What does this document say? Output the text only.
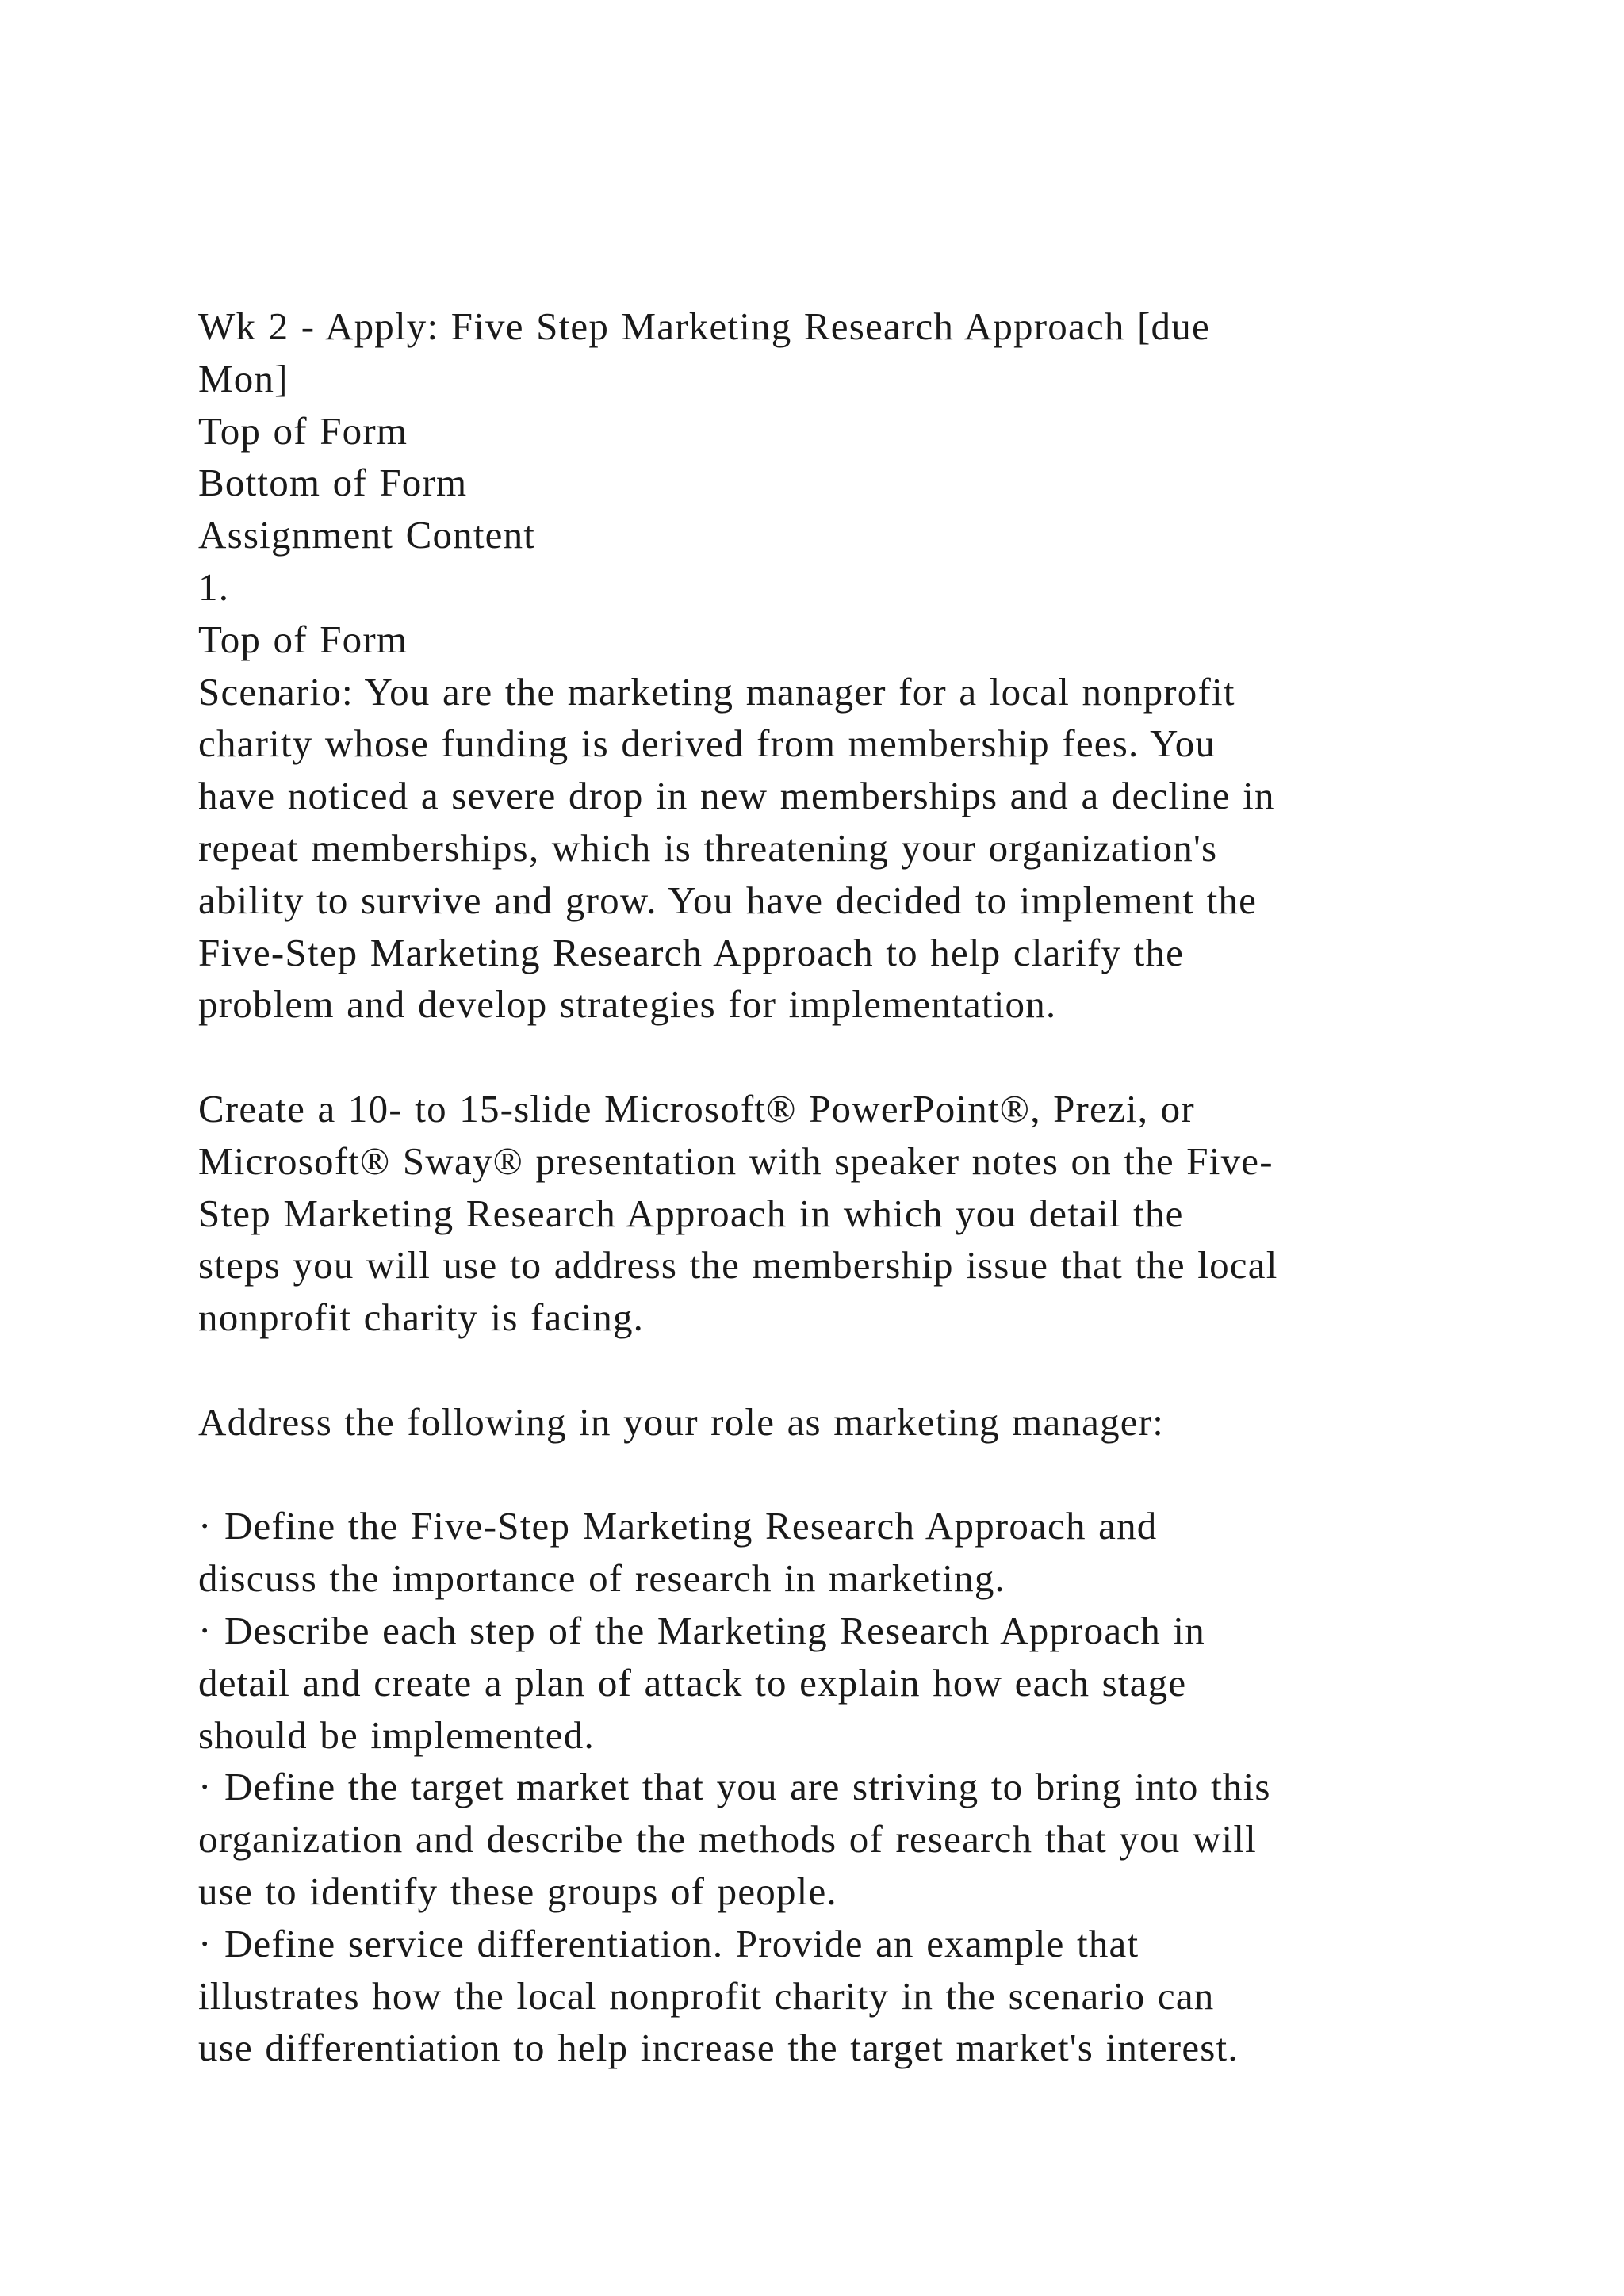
Wk 2 - Apply: Five Step Marketing Research Approach [due
Mon]
Top of Form
Bottom of Form
Assignment Content
1.
Top of Form
Scenario: You are the marketing manager for a local nonprofit
charity whose funding is derived from membership fees. You
have noticed a severe drop in new memberships and a decline in
repeat memberships, which is threatening your organization's
ability to survive and grow. You have decided to implement the
Five-Step Marketing Research Approach to help clarify the
problem and develop strategies for implementation.
Create a 10- to 15-slide Microsoft® PowerPoint®, Prezi, or
Microsoft® Sway® presentation with speaker notes on the Five-
Step Marketing Research Approach in which you detail the
steps you will use to address the membership issue that the local
nonprofit charity is facing.
Address the following in your role as marketing manager:
· Define the Five-Step Marketing Research Approach and
discuss the importance of research in marketing.
· Describe each step of the Marketing Research Approach in
detail and create a plan of attack to explain how each stage
should be implemented.
· Define the target market that you are striving to bring into this
organization and describe the methods of research that you will
use to identify these groups of people.
· Define service differentiation. Provide an example that
illustrates how the local nonprofit charity in the scenario can
use differentiation to help increase the target market's interest.
